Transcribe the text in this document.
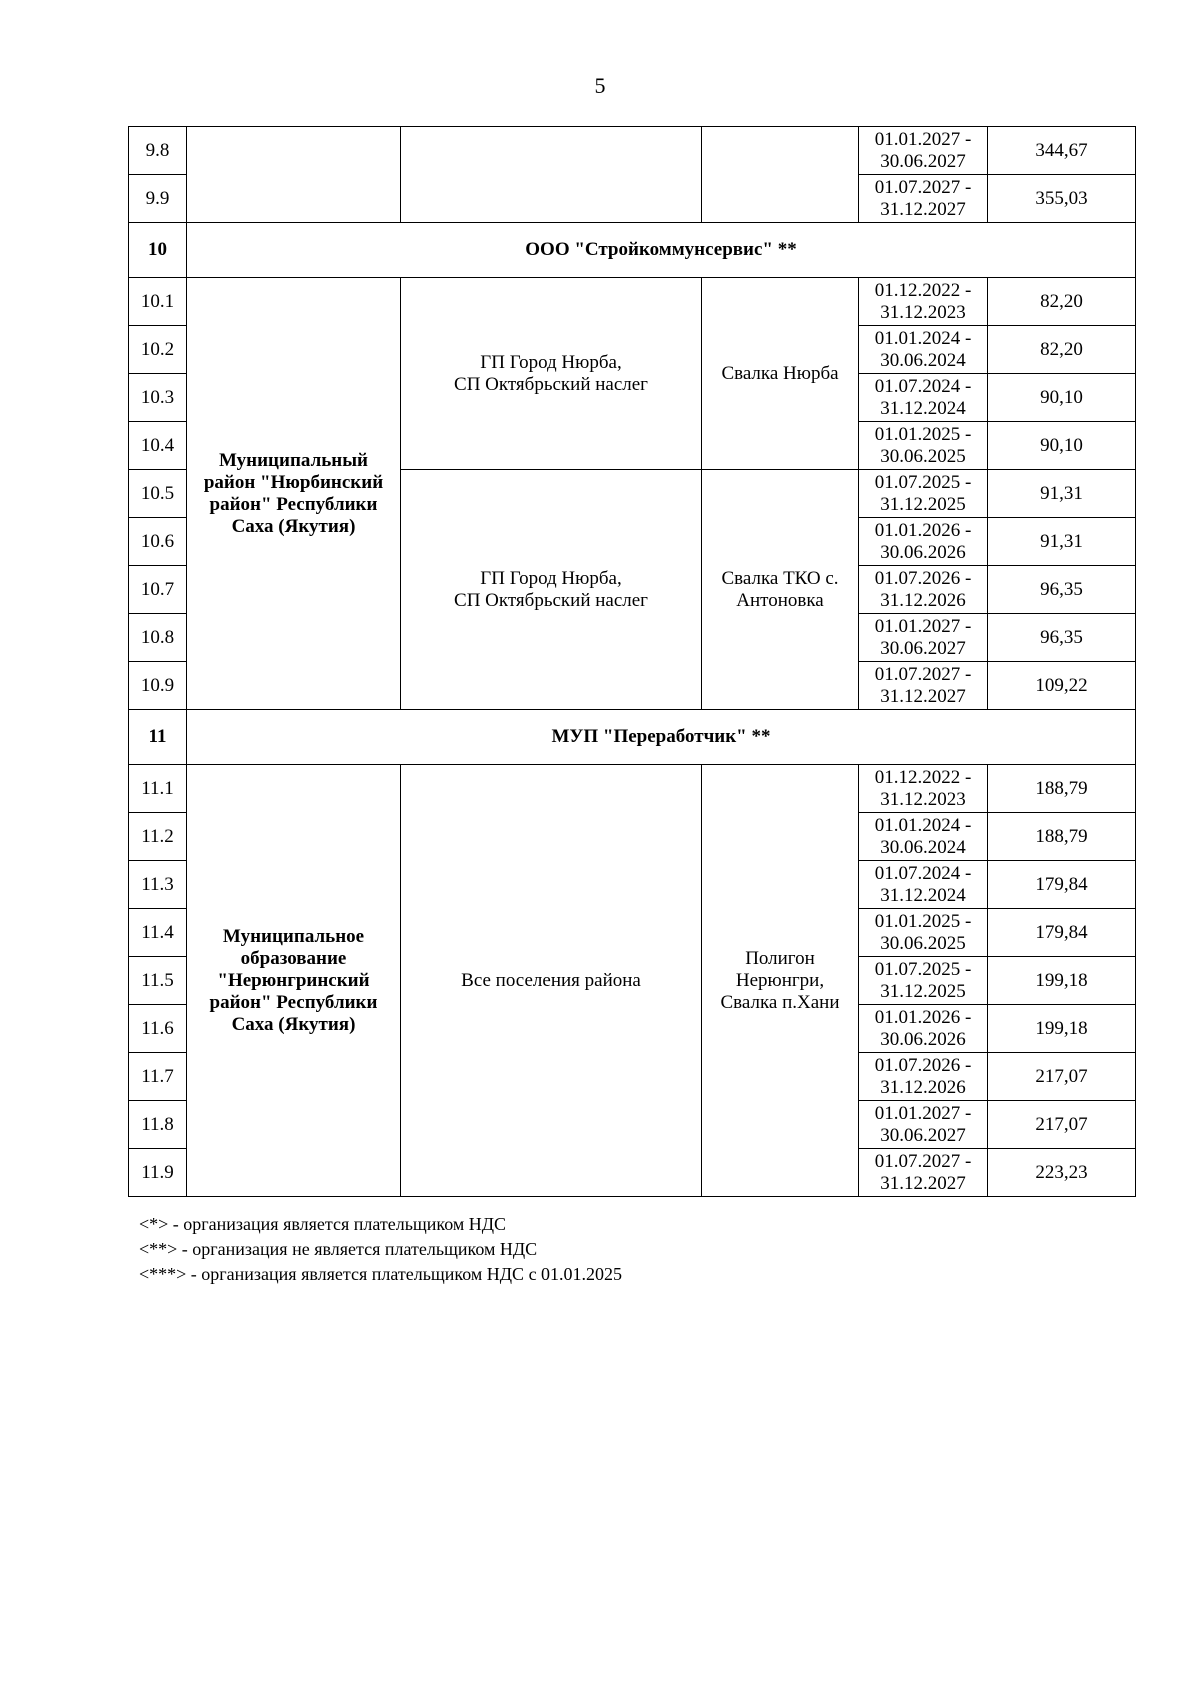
5
9.8				01.01.2027 -
30.06.2027	344,67
9.9				01.07.2027 -
31.12.2027	355,03
10	ООО "Стройкоммунсервис" **				
10.1	Муниципальный район "Нюрбинский район" Республики Саха (Якутия)	ГП Город Нюрба,
СП Октябрьский наслег	Свалка Нюрба	01.12.2022 -
31.12.2023	82,20
10.2				01.01.2024 -
30.06.2024	82,20
10.3				01.07.2024 -
31.12.2024	90,10
10.4				01.01.2025 -
30.06.2025	90,10
10.5		ГП Город Нюрба,
СП Октябрьский наслег	Свалка ТКО с.
Антоновка	01.07.2025 -
31.12.2025	91,31
10.6				01.01.2026 -
30.06.2026	91,31
10.7				01.07.2026 -
31.12.2026	96,35
10.8				01.01.2027 -
30.06.2027	96,35
10.9				01.07.2027 -
31.12.2027	109,22
11	МУП "Переработчик" **				
11.1	Муниципальное образование "Нерюнгринский район" Республики Саха (Якутия)	Все поселения района	Полигон
Нерюнгри,
Свалка п.Хани	01.12.2022 -
31.12.2023	188,79
11.2				01.01.2024 -
30.06.2024	188,79
11.3				01.07.2024 -
31.12.2024	179,84
11.4				01.01.2025 -
30.06.2025	179,84
11.5				01.07.2025 -
31.12.2025	199,18
11.6				01.01.2026 -
30.06.2026	199,18
11.7				01.07.2026 -
31.12.2026	217,07
11.8				01.01.2027 -
30.06.2027	217,07
11.9				01.07.2027 -
31.12.2027	223,23
<*> - организация является плательщиком НДС
<**> - организация не является плательщиком НДС
<***> - организация является плательщиком НДС с 01.01.2025
